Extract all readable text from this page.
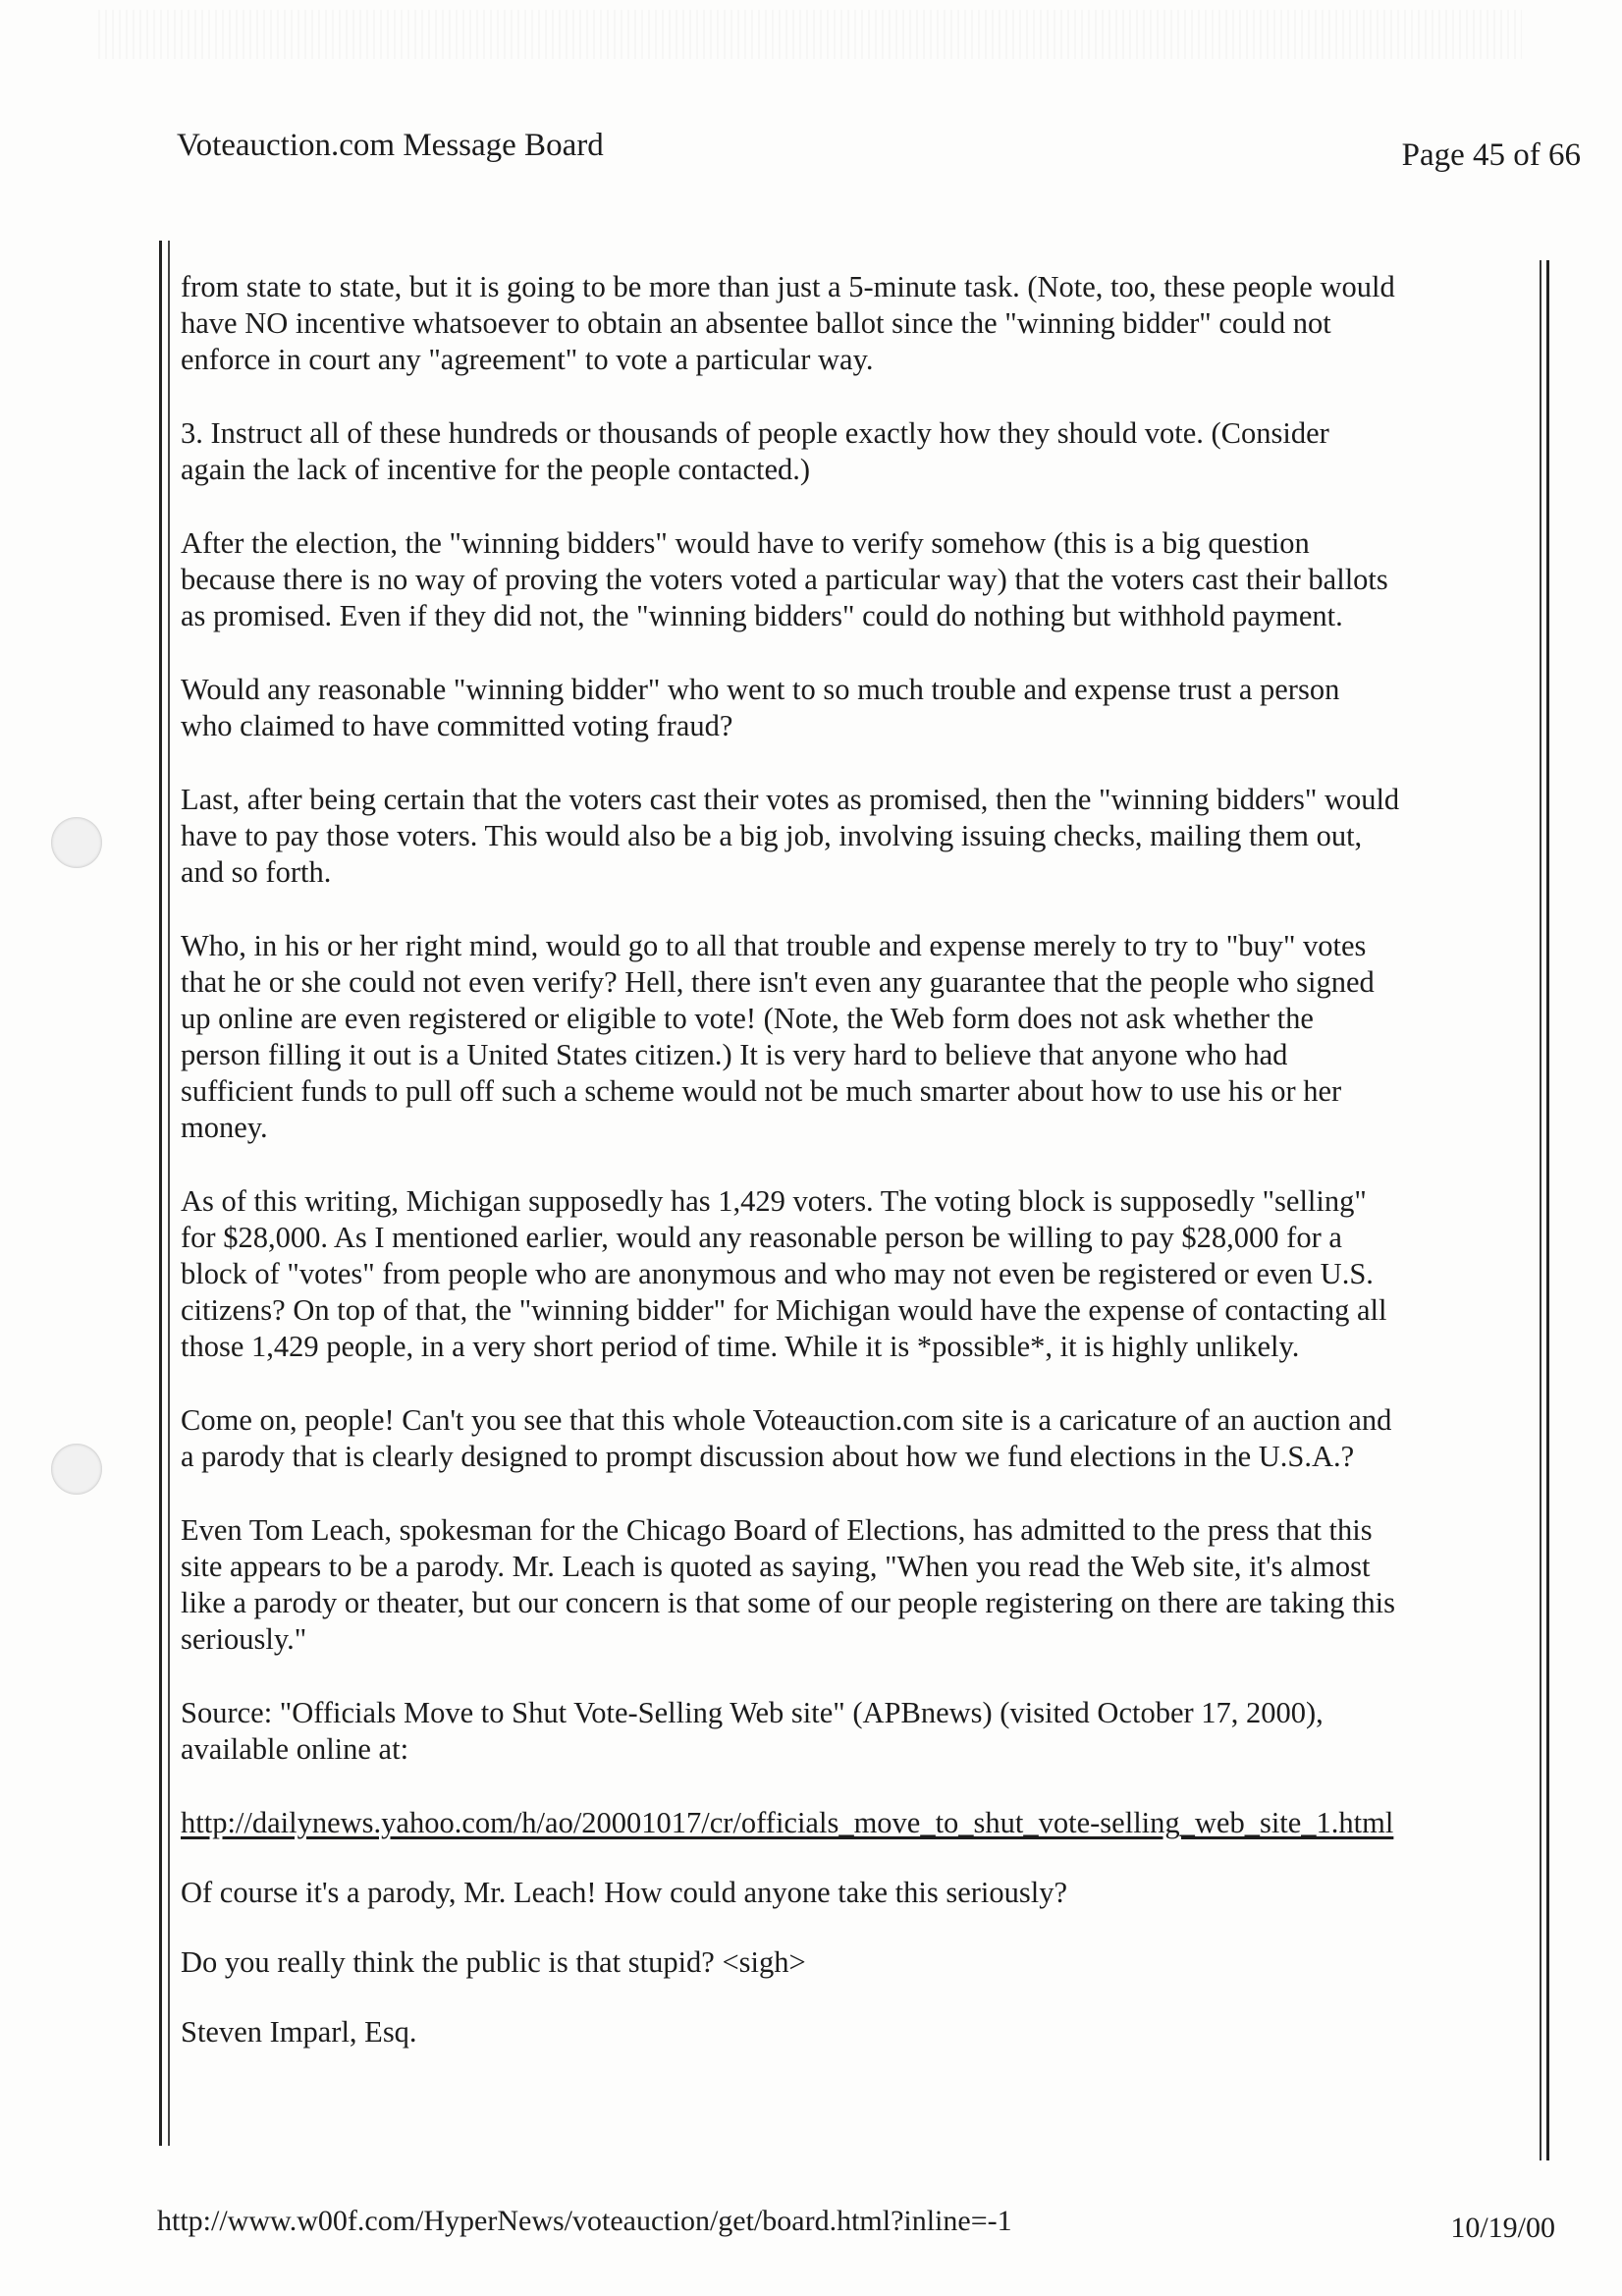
Voteauction.com Message Board	Page 45 of 66

from state to state, but it is going to be more than just a 5-minute task. (Note, too, these people would
have NO incentive whatsoever to obtain an absentee ballot since the "winning bidder" could not
enforce in court any "agreement" to vote a particular way.

3. Instruct all of these hundreds or thousands of people exactly how they should vote. (Consider
again the lack of incentive for the people contacted.)

After the election, the "winning bidders" would have to verify somehow (this is a big question
because there is no way of proving the voters voted a particular way) that the voters cast their ballots
as promised. Even if they did not, the "winning bidders" could do nothing but withhold payment.

Would any reasonable "winning bidder" who went to so much trouble and expense trust a person
who claimed to have committed voting fraud?

Last, after being certain that the voters cast their votes as promised, then the "winning bidders" would
have to pay those voters. This would also be a big job, involving issuing checks, mailing them out,
and so forth.

Who, in his or her right mind, would go to all that trouble and expense merely to try to "buy" votes
that he or she could not even verify? Hell, there isn't even any guarantee that the people who signed
up online are even registered or eligible to vote! (Note, the Web form does not ask whether the
person filling it out is a United States citizen.) It is very hard to believe that anyone who had
sufficient funds to pull off such a scheme would not be much smarter about how to use his or her
money.

As of this writing, Michigan supposedly has 1,429 voters. The voting block is supposedly "selling"
for $28,000. As I mentioned earlier, would any reasonable person be willing to pay $28,000 for a
block of "votes" from people who are anonymous and who may not even be registered or even U.S.
citizens? On top of that, the "winning bidder" for Michigan would have the expense of contacting all
those 1,429 people, in a very short period of time. While it is *possible*, it is highly unlikely.

Come on, people! Can't you see that this whole Voteauction.com site is a caricature of an auction and
a parody that is clearly designed to prompt discussion about how we fund elections in the U.S.A.?

Even Tom Leach, spokesman for the Chicago Board of Elections, has admitted to the press that this
site appears to be a parody. Mr. Leach is quoted as saying, "When you read the Web site, it's almost
like a parody or theater, but our concern is that some of our people registering on there are taking this
seriously."

Source: "Officials Move to Shut Vote-Selling Web site" (APBnews) (visited October 17, 2000),
available online at:

http://dailynews.yahoo.com/h/ao/20001017/cr/officials_move_to_shut_vote-selling_web_site_1.html

Of course it's a parody, Mr. Leach! How could anyone take this seriously?

Do you really think the public is that stupid? <sigh>

Steven Imparl, Esq.

http://www.w00f.com/HyperNews/voteauction/get/board.html?inline=-1	10/19/00
